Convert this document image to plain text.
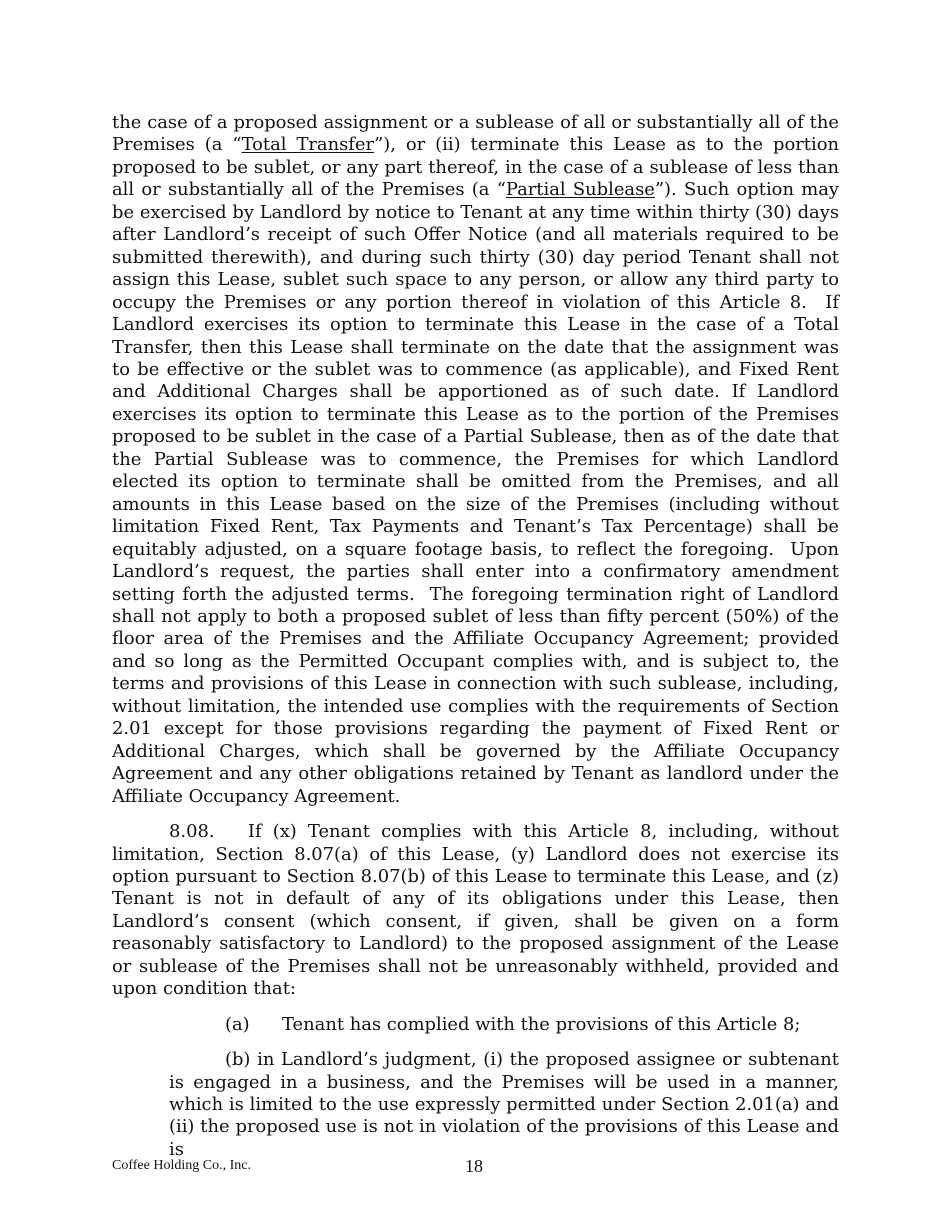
the case of a proposed assignment or a sublease of all or substantially all of the Premises (a “Total Transfer”), or (ii) terminate this Lease as to the portion proposed to be sublet, or any part thereof, in the case of a sublease of less than all or substantially all of the Premises (a “Partial Sublease”). Such option may be exercised by Landlord by notice to Tenant at any time within thirty (30) days after Landlord’s receipt of such Offer Notice (and all materials required to be submitted therewith), and during such thirty (30) day period Tenant shall not assign this Lease, sublet such space to any person, or allow any third party to occupy the Premises or any portion thereof in violation of this Article 8.  If Landlord exercises its option to terminate this Lease in the case of a Total Transfer, then this Lease shall terminate on the date that the assignment was to be effective or the sublet was to commence (as applicable), and Fixed Rent and Additional Charges shall be apportioned as of such date. If Landlord exercises its option to terminate this Lease as to the portion of the Premises proposed to be sublet in the case of a Partial Sublease, then as of the date that the Partial Sublease was to commence, the Premises for which Landlord elected its option to terminate shall be omitted from the Premises, and all amounts in this Lease based on the size of the Premises (including without limitation Fixed Rent, Tax Payments and Tenant’s Tax Percentage) shall be equitably adjusted, on a square footage basis, to reflect the foregoing.  Upon Landlord’s request, the parties shall enter into a confirmatory amendment setting forth the adjusted terms.  The foregoing termination right of Landlord shall not apply to both a proposed sublet of less than fifty percent (50%) of the floor area of the Premises and the Affiliate Occupancy Agreement; provided and so long as the Permitted Occupant complies with, and is subject to, the terms and provisions of this Lease in connection with such sublease, including, without limitation, the intended use complies with the requirements of Section 2.01 except for those provisions regarding the payment of Fixed Rent or Additional Charges, which shall be governed by the Affiliate Occupancy Agreement and any other obligations retained by Tenant as landlord under the Affiliate Occupancy Agreement.

8.08.   If (x) Tenant complies with this Article 8, including, without limitation, Section 8.07(a) of this Lease, (y) Landlord does not exercise its option pursuant to Section 8.07(b) of this Lease to terminate this Lease, and (z) Tenant is not in default of any of its obligations under this Lease, then Landlord’s consent (which consent, if given, shall be given on a form reasonably satisfactory to Landlord) to the proposed assignment of the Lease or sublease of the Premises shall not be unreasonably withheld, provided and upon condition that:

(a) Tenant has complied with the provisions of this Article 8;

(b) in Landlord’s judgment, (i) the proposed assignee or subtenant is engaged in a business, and the Premises will be used in a manner, which is limited to the use expressly permitted under Section 2.01(a) and (ii) the proposed use is not in violation of the provisions of this Lease and is

Coffee Holding Co., Inc.	18
